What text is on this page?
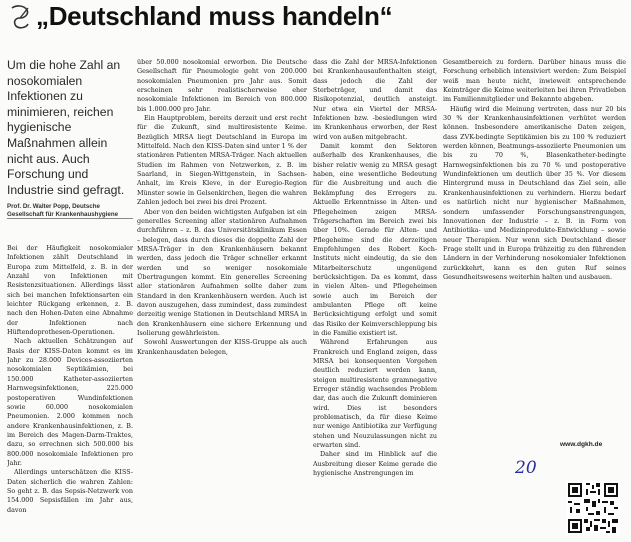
„Deutschland muss handeln“
Um die hohe Zahl an nosokomialen Infektionen zu minimieren, reichen hygienische Maßnahmen allein nicht aus. Auch Forschung und Industrie sind gefragt.
Prof. Dr. Walter Popp, Deutsche Gesellschaft für Krankenhaushygiene

Bei der Häufigkeit nosokomialer Infektionen zählt Deutschland in Europa zum Mittelfeld, z. B. in der Anzahl von Infektionen mit Resistenzsituationen. Allerdings lässt sich bei manchen Infektionsarten ein leichter Rückgang erkennen, z. B. nach den Hohen-Daten eine Abnahme der Infektionen nach Hüftendoprothesen-Operationen.

Nach aktuellen Schätzungen auf Basis der KISS-Daten kommt es im Jahr zu 28.000 Devices-assoziierten nosokomialen Septikämien, bei 150.000 Katheter-assoziierten Harnwegsinfektionen, 225.000 postoperativen Wundinfektionen sowie 60.000 nosokomialen Pneumonien. 2.000 kommen noch andere Krankenhausinfektionen, z. B. im Bereich des Magen-Darm-Traktes, dazu, so errechnen sich 500.000 bis 800.000 nosokomiale Infektionen pro Jahr.

Allerdings unterschätzen die KISS-Daten sicherlich die wahren Zahlen: So geht z. B. das Sepsis-Netzwerk von 154.000 Sepsisfällen im Jahr aus, davon

über 50.000 nosokomial erworben. Die Deutsche Gesellschaft für Pneumologie geht von 200.000 nosokomialen Pneumonien pro Jahr aus. Somit erscheinen sehr realistischerweise eher nosokomiale Infektionen im Bereich von 800.000 bis 1.000.000 pro Jahr.

Ein Hauptproblem, bereits derzeit und erst recht für die Zukunft, sind multiresistente Keime. Bezüglich MRSA liegt Deutschland in Europa im Mittelfeld. Nach den KISS-Daten sind unter 1 % der stationären Patienten MRSA-Träger. Nach aktuellen Studien im Rahmen von Netzwerken, z. B. im Saarland, in Siegen-Wittgenstein, in Sachsen-Anhalt, im Kreis Kleve, in der Euregio-Region Münster sowie in Gelsenkirchen, liegen die wahren Zahlen jedoch bei zwei bis drei Prozent.

Aber von den beiden wichtigsten Aufgaben ist ein generelles Screening aller stationären Aufnahmen durchführen – z. B. das Universitätsklinikum Essen – belegen, dass durch dieses die doppelte Zahl der MRSA-Träger in den Krankenhäusern bekannt werden, dass jedoch die Träger schneller erkannt werden und so weniger nosokomiale Übertragungen kommt. Ein generelles Screening aller stationären Aufnahmen sollte daher zum Standard in den Krankenhäusern werden. Auch ist davon auszugehen, dass zumindest, dass zumindest derzeitig wenige Stationen in Deutschland MRSA in den Krankenhäusern eine sichere Erkennung und Isolierung gewährleisten.

Sowohl Auswertungen der KISS-Gruppe als auch Krankenhausdaten belegen,

dass die Zahl der MRSA-Infektionen bei Krankenhausaufenthalten steigt, dass jedoch die Zahl der Sterbeträger, und damit das Risikopotenzial, deutlich ansteigt. Nur etwa ein Viertel der MRSA-Infektionen bzw. -besiedlungen wird im Krankenhaus erworben, der Rest wird von außen mitgebracht.

Damit kommt den Sektoren außerhalb des Krankenhauses, die bisher relativ wenig zu MRSA gesagt haben, eine wesentliche Bedeutung für die Ausbreitung und auch die Bekämpfung des Erregers zu. Aktuelle Erkenntnisse in Alten- und Pflegeheimen zeigen MRSA-Trägerschaften im Bereich zwei bis über 10%. Gerade für Alten- und Pflegeheime sind die derzeitigen Empfehlungen des Robert Koch-Instituts nicht eindeutig, da sie den Mitarbeiterschutz ungenügend berücksichtigen. Da es kommt, dass in vielen Alten- und Pflegeheimen sowie auch im Bereich der ambulanten Pflege oft keine Berücksichtigung erfolgt und somit das Risiko der Keimverschleppung bis in die Familie existiert ist.

Während Erfahrungen aus Frankreich und England zeigen, dass MRSA bei konsequenten Vorgehen deutlich reduziert werden kann, steigen multiresistente gramnegative Erreger ständig wachsendes Problem dar, das auch die Zukunft dominieren wird. Dies ist besonders problematisch, da für diese Keime nur wenige Antibiotika zur Verfügung stehen und Neuzulassungen nicht zu erwarten sind.

Daher sind im Hinblick auf die Ausbreitung dieser Keime gerade die hygienische Anstrengungen im

Gesamtbereich zu fordern. Darüber hinaus muss die Forschung erheblich intensiviert werden: Zum Beispiel weiß man heute nicht, inwieweit entsprechende Keimträger die Keime weiterleiten bei ihren Privatleben im Familienmitglieder und Bekannte abgeben.

Häufig wird die Meinung vertreten, dass nur 20 bis 30 % der Krankenhausinfektionen verhütet werden können. Insbesondere amerikanische Daten zeigen, dass ZVK-bedingte Septikämien bis zu 100 % reduziert werden können, Beatmungs-assoziierte Pneumonien um bis zu 70 %, Blasenkatheter-bedingte Harnwegsinfektionen bis zu 70 % und postoperative Wundinfektionen um deutlich über 35 %. Vor diesem Hintergrund muss in Deutschland das Ziel sein, alle Krankenhausinfektionen zu verhindern. Hierzu bedarf es natürlich nicht nur hygienischer Maßnahmen, sondern umfassender Forschungsanstrengungen, Innovationen der Industrie – z. B. in Form von Antibiotika- und Medizinprodukte-Entwicklung – sowie neuer Therapien. Nur wenn sich Deutschland dieser Frage stellt und in Europa frühzeitig zu den führenden Ländern in der Verhinderung nosokomialer Infektionen zurückkehrt, kann es den guten Ruf seines Gesundheitswesens weiterhin halten und ausbauen.

www.dgkh.de
20
